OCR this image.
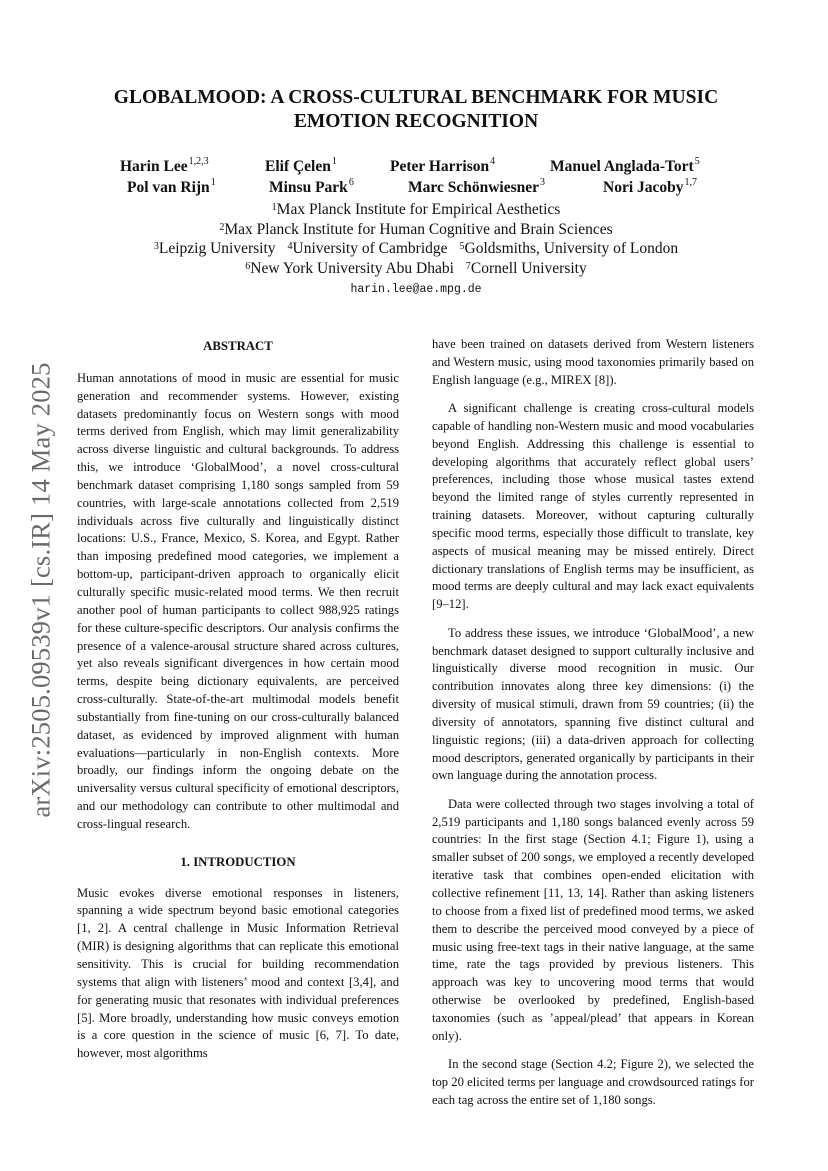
arXiv:2505.09539v1 [cs.IR] 14 May 2025
GLOBALMOOD: A CROSS-CULTURAL BENCHMARK FOR MUSIC
EMOTION RECOGNITION
Harin Lee$^{1,2,3}$	Elif Çelen$^1$	Peter Harrison$^4$	Manuel Anglada-Tort$^5$
Pol van Rijn$^1$	Minsu Park$^6$	Marc Schönwiesner$^3$	Nori Jacoby$^{1,7}$
$^1$Max Planck Institute for Empirical Aesthetics
$^2$Max Planck Institute for Human Cognitive and Brain Sciences
$^3$Leipzig University $^4$University of Cambridge $^5$Goldsmiths, University of London
$^6$New York University Abu Dhabi $^7$Cornell University
harin.lee@ae.mpg.de
ABSTRACT

Human annotations of mood in music are essential for music generation and recommender systems. However, existing datasets predominantly focus on Western songs with mood terms derived from English, which may limit generalizability across diverse linguistic and cultural backgrounds. To address this, we introduce ‘GlobalMood’, a novel cross-cultural benchmark dataset comprising 1,180 songs sampled from 59 countries, with large-scale annotations collected from 2,519 individuals across five culturally and linguistically distinct locations: U.S., France, Mexico, S. Korea, and Egypt. Rather than imposing predefined mood categories, we implement a bottom-up, participant-driven approach to organically elicit culturally specific music-related mood terms. We then recruit another pool of human participants to collect 988,925 ratings for these culture-specific descriptors. Our analysis confirms the presence of a valence-arousal structure shared across cultures, yet also reveals significant divergences in how certain mood terms, despite being dictionary equivalents, are perceived cross-culturally. State-of-the-art multimodal models benefit substantially from fine-tuning on our cross-culturally balanced dataset, as evidenced by improved alignment with human evaluations—particularly in non-English contexts. More broadly, our findings inform the ongoing debate on the universality versus cultural specificity of emotional descriptors, and our methodology can contribute to other multimodal and cross-lingual research.

1. INTRODUCTION

Music evokes diverse emotional responses in listeners, spanning a wide spectrum beyond basic emotional categories [1, 2]. A central challenge in Music Information Retrieval (MIR) is designing algorithms that can replicate this emotional sensitivity. This is crucial for building recommendation systems that align with listeners’ mood and context [3,4], and for generating music that resonates with individual preferences [5]. More broadly, understanding how music conveys emotion is a core question in the science of music [6, 7]. To date, however, most algorithms

have been trained on datasets derived from Western listeners and Western music, using mood taxonomies primarily based on English language (e.g., MIREX [8]).

A significant challenge is creating cross-cultural models capable of handling non-Western music and mood vocabularies beyond English. Addressing this challenge is essential to developing algorithms that accurately reflect global users’ preferences, including those whose musical tastes extend beyond the limited range of styles currently represented in training datasets. Moreover, without capturing culturally specific mood terms, especially those difficult to translate, key aspects of musical meaning may be missed entirely. Direct dictionary translations of English terms may be insufficient, as mood terms are deeply cultural and may lack exact equivalents [9–12].

To address these issues, we introduce ‘GlobalMood’, a new benchmark dataset designed to support culturally inclusive and linguistically diverse mood recognition in music. Our contribution innovates along three key dimensions: (i) the diversity of musical stimuli, drawn from 59 countries; (ii) the diversity of annotators, spanning five distinct cultural and linguistic regions; (iii) a data-driven approach for collecting mood descriptors, generated organically by participants in their own language during the annotation process.

Data were collected through two stages involving a total of 2,519 participants and 1,180 songs balanced evenly across 59 countries: In the first stage (Section 4.1; Figure 1), using a smaller subset of 200 songs, we employed a recently developed iterative task that combines open-ended elicitation with collective refinement [11, 13, 14]. Rather than asking listeners to choose from a fixed list of predefined mood terms, we asked them to describe the perceived mood conveyed by a piece of music using free-text tags in their native language, at the same time, rate the tags provided by previous listeners. This approach was key to uncovering mood terms that would otherwise be overlooked by predefined, English-based taxonomies (such as ’appeal/plead’ that appears in Korean only).

In the second stage (Section 4.2; Figure 2), we selected the top 20 elicited terms per language and crowdsourced ratings for each tag across the entire set of 1,180 songs.
